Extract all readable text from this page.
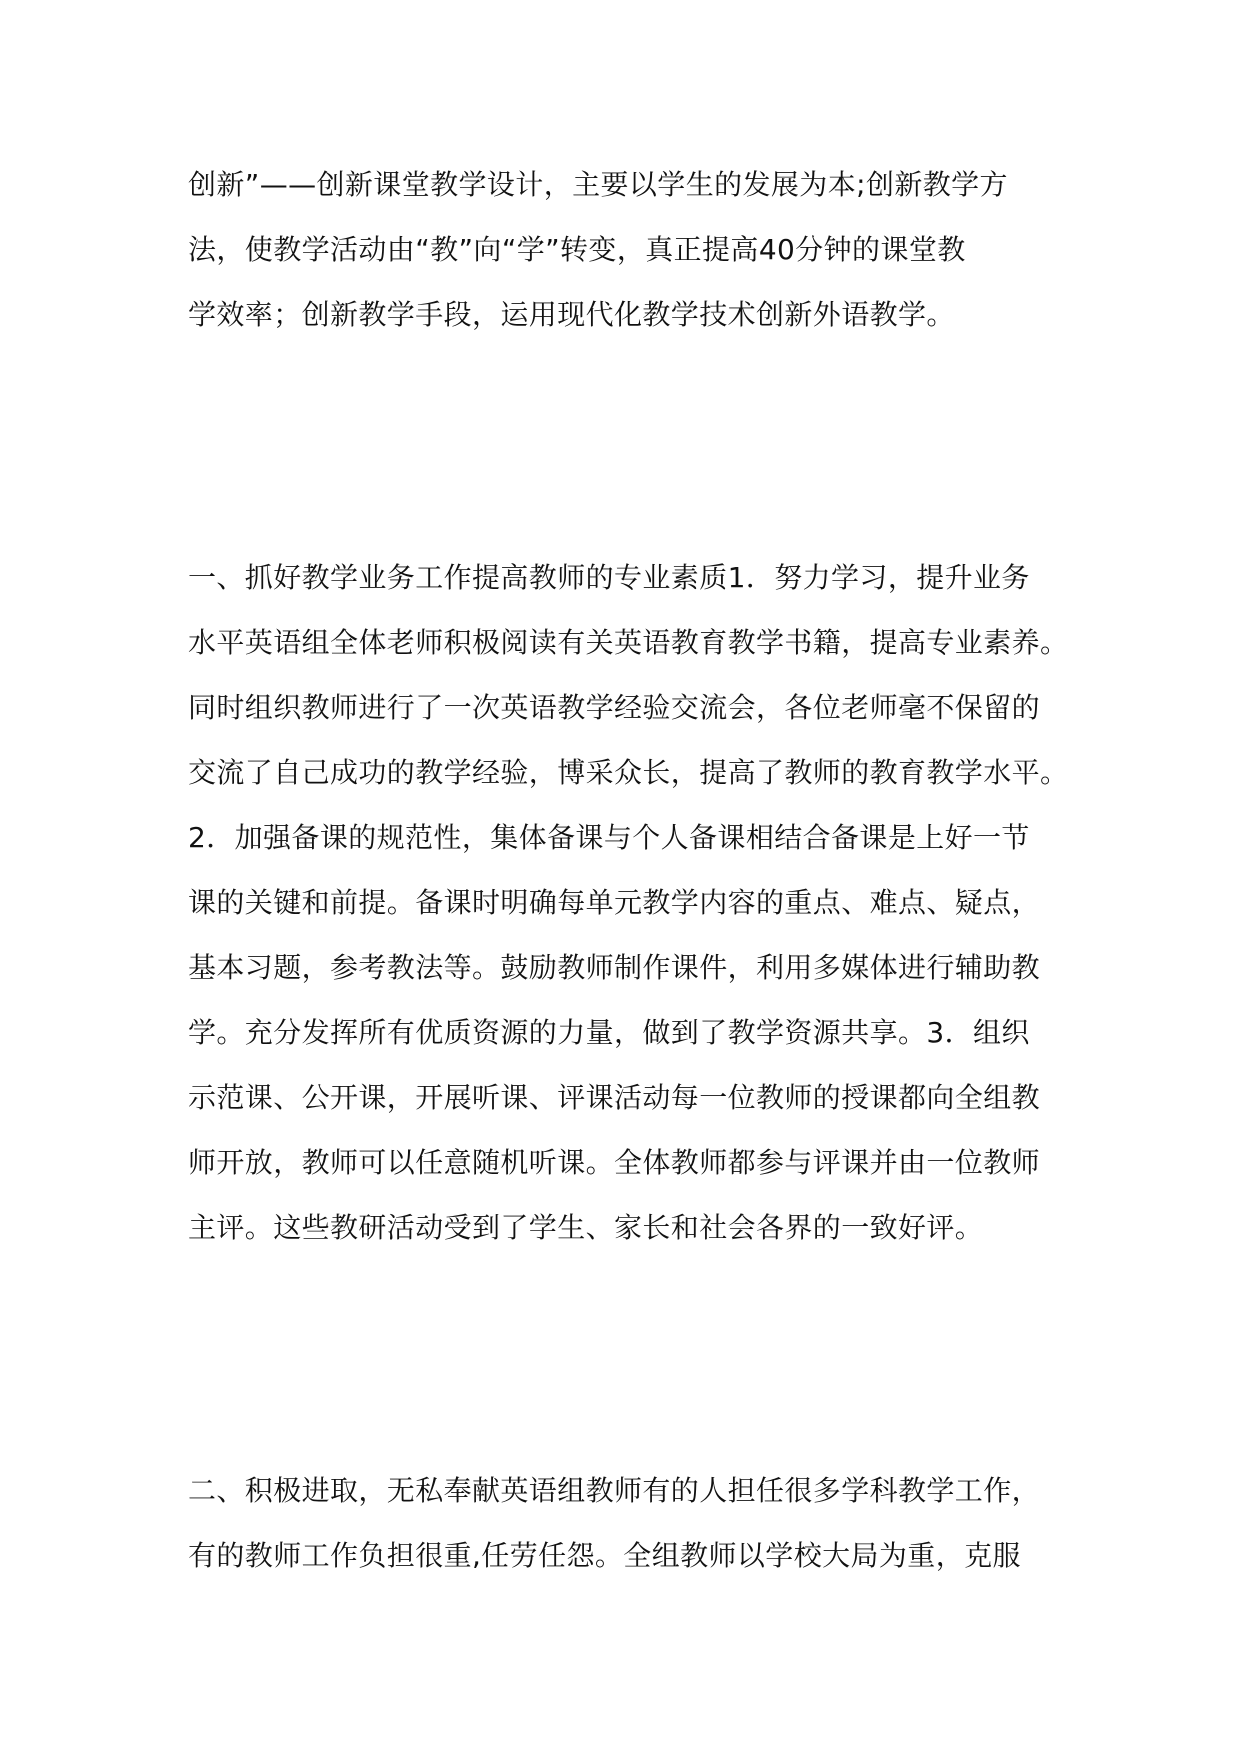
创新”——创新课堂教学设计，主要以学生的发展为本;创新教学方
法，使教学活动由“教”向“学”转变，真正提高40分钟的课堂教
学效率；创新教学手段，运用现代化教学技术创新外语教学。
一、抓好教学业务工作提高教师的专业素质1．努力学习，提升业务
水平英语组全体老师积极阅读有关英语教育教学书籍，提高专业素养。
同时组织教师进行了一次英语教学经验交流会，各位老师毫不保留的
交流了自己成功的教学经验，博采众长，提高了教师的教育教学水平。
2．加强备课的规范性，集体备课与个人备课相结合备课是上好一节
课的关键和前提。备课时明确每单元教学内容的重点、难点、疑点，
基本习题，参考教法等。鼓励教师制作课件，利用多媒体进行辅助教
学。充分发挥所有优质资源的力量，做到了教学资源共享。3．组织
示范课、公开课，开展听课、评课活动每一位教师的授课都向全组教
师开放，教师可以任意随机听课。全体教师都参与评课并由一位教师
主评。这些教研活动受到了学生、家长和社会各界的一致好评。
二、积极进取，无私奉献英语组教师有的人担任很多学科教学工作，
有的教师工作负担很重,任劳任怨。全组教师以学校大局为重，克服
